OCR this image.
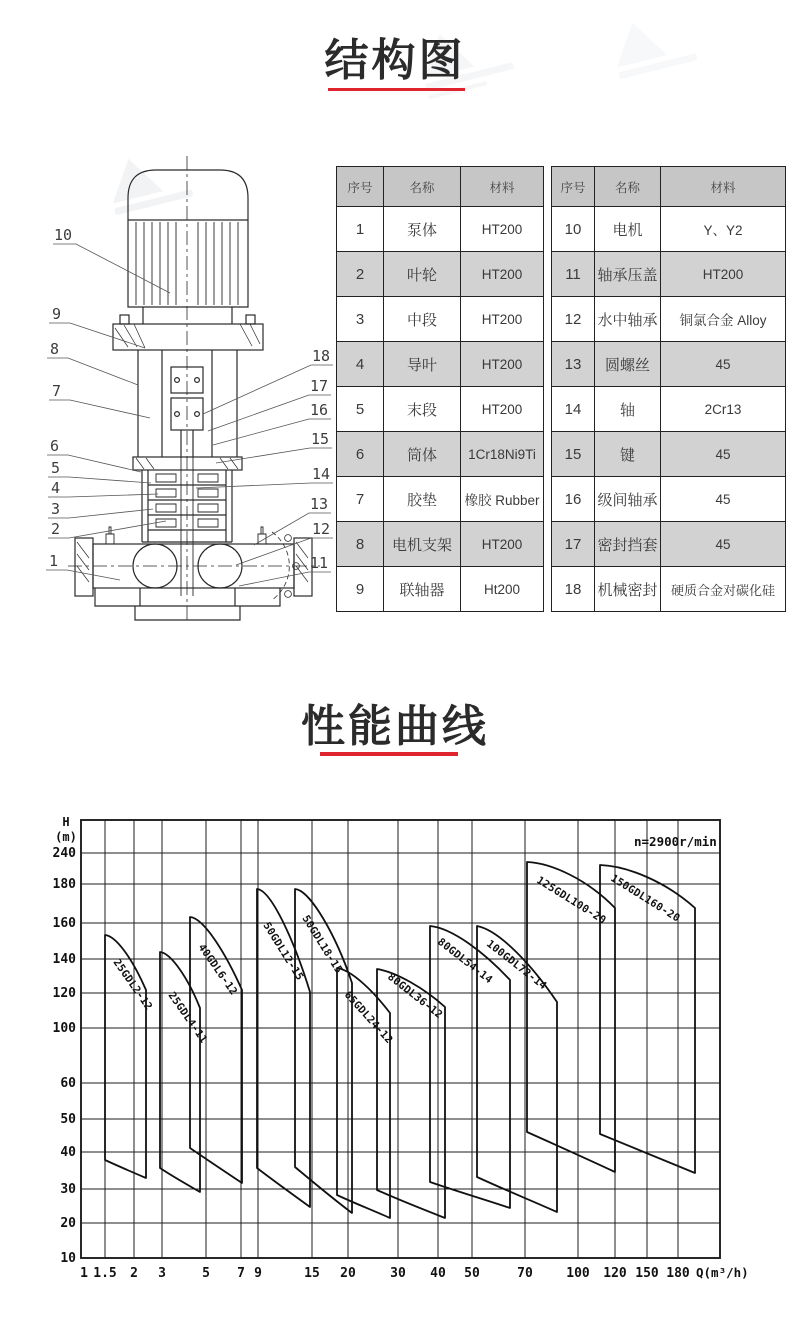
结构图
10
9
8
7
6
5
4
3
2
1
18
17
16
15
14
13
12
11
序号	名称	材料
1	泵体	HT200
2	叶轮	HT200
3	中段	HT200
4	导叶	HT200
5	末段	HT200
6	筒体	1Cr18Ni9Ti
7	胶垫	橡胶 Rubber
8	电机支架	HT200
9	联轴器	Ht200
序号	名称	材料
10	电机	Y、Y2
11	轴承压盖	HT200
12	水中轴承	铜氯合金 Alloy
13	圆螺丝	45
14	轴	2Cr13
15	键	45
16	级间轴承	45
17	密封挡套	45
18	机械密封	硬质合金对碳化硅
性能曲线
25GDL2-12
25GDL4-11
40GDL6-12 50GDL12-15
50GDL18-15
65GDL24-12
80GDL36-12
80GDL54-14
100GDL72-14
125GDL100-20 150GDL160-20
n=2900r/min
H
(m)
240
180
160
140
120
100
60
50
40
30
20
10
1 1.5 2 3	5 7 9	15 20	30 40 50	70	100 120 150 180 Q(m³/h)
